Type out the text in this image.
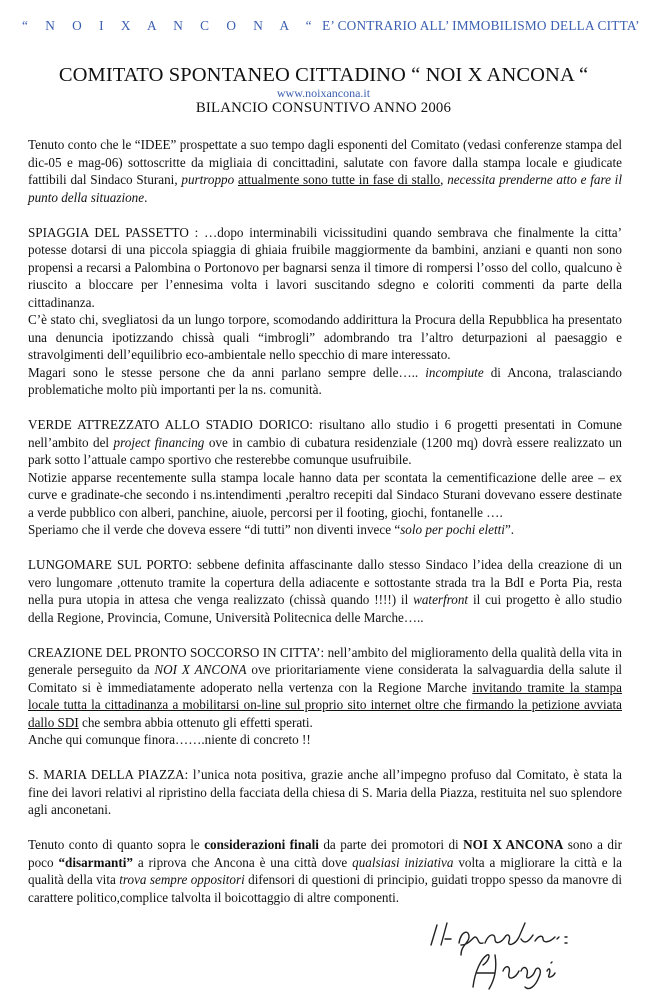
“ N O I X A N C O N A “ E’ CONTRARIO ALL’ IMMOBILISMO DELLA CITTA’
COMITATO SPONTANEO CITTADINO “ NOI X ANCONA “
www.noixancona.it
BILANCIO CONSUNTIVO ANNO 2006

Tenuto conto che le “IDEE” prospettate a suo tempo dagli esponenti del Comitato (vedasi conferenze stampa del dic-05 e mag-06) sottoscritte da migliaia di concittadini, salutate con favore dalla stampa locale e giudicate fattibili dal Sindaco Sturani, purtroppo attualmente sono tutte in fase di stallo, necessita prenderne atto e fare il punto della situazione.

SPIAGGIA DEL PASSETTO : …dopo interminabili vicissitudini quando sembrava che finalmente la citta’ potesse dotarsi di una piccola spiaggia di ghiaia fruibile maggiormente da bambini, anziani e quanti non sono propensi a recarsi a Palombina o Portonovo per bagnarsi senza il timore di rompersi l’osso del collo, qualcuno è riuscito a bloccare per l’ennesima volta i lavori suscitando sdegno e coloriti commenti da parte della cittadinanza.

C’è stato chi, svegliatosi da un lungo torpore, scomodando addirittura la Procura della Repubblica ha presentato una denuncia ipotizzando chissà quali “imbrogli” adombrando tra l’altro deturpazioni al paesaggio e stravolgimenti dell’equilibrio eco-ambientale nello specchio di mare interessato.

Magari sono le stesse persone che da anni parlano sempre delle….. incompiute di Ancona, tralasciando problematiche molto più importanti per la ns. comunità.

VERDE ATTREZZATO ALLO STADIO DORICO: risultano allo studio i 6 progetti presentati in Comune nell’ambito del project financing ove in cambio di cubatura residenziale (1200 mq) dovrà essere realizzato un park sotto l’attuale campo sportivo che resterebbe comunque usufruibile.

Notizie apparse recentemente sulla stampa locale hanno data per scontata la cementificazione delle aree – ex curve e gradinate-che secondo i ns.intendimenti ,peraltro recepiti dal Sindaco Sturani dovevano essere destinate a verde pubblico con alberi, panchine, aiuole, percorsi per il footing, giochi, fontanelle ….

Speriamo che il verde che doveva essere “di tutti” non diventi invece “solo per pochi eletti”.

LUNGOMARE SUL PORTO: sebbene definita affascinante dallo stesso Sindaco l’idea della creazione di un vero lungomare ,ottenuto tramite la copertura della adiacente e sottostante strada tra la BdI e Porta Pia, resta nella pura utopia in attesa che venga realizzato (chissà quando !!!!) il waterfront il cui progetto è allo studio della Regione, Provincia, Comune, Università Politecnica delle Marche…..

CREAZIONE DEL PRONTO SOCCORSO IN CITTA’: nell’ambito del miglioramento della qualità della vita in generale perseguito da NOI X ANCONA ove prioritariamente viene considerata la salvaguardia della salute il Comitato si è immediatamente adoperato nella vertenza con la Regione Marche invitando tramite la stampa locale tutta la cittadinanza a mobilitarsi on-line sul proprio sito internet oltre che firmando la petizione avviata dallo SDI che sembra abbia ottenuto gli effetti sperati.

Anche qui comunque finora…….niente di concreto !!

S. MARIA DELLA PIAZZA: l’unica nota positiva, grazie anche all’impegno profuso dal Comitato, è stata la fine dei lavori relativi al ripristino della facciata della chiesa di S. Maria della Piazza, restituita nel suo splendore agli anconetani.

Tenuto conto di quanto sopra le considerazioni finali da parte dei promotori di NOI X ANCONA sono a dir poco “disarmanti” a riprova che Ancona è una città dove qualsiasi iniziativa volta a migliorare la città e la qualità della vita trova sempre oppositori difensori di questioni di principio, guidati troppo spesso da manovre di carattere politico,complice talvolta il boicottaggio di altre componenti.
